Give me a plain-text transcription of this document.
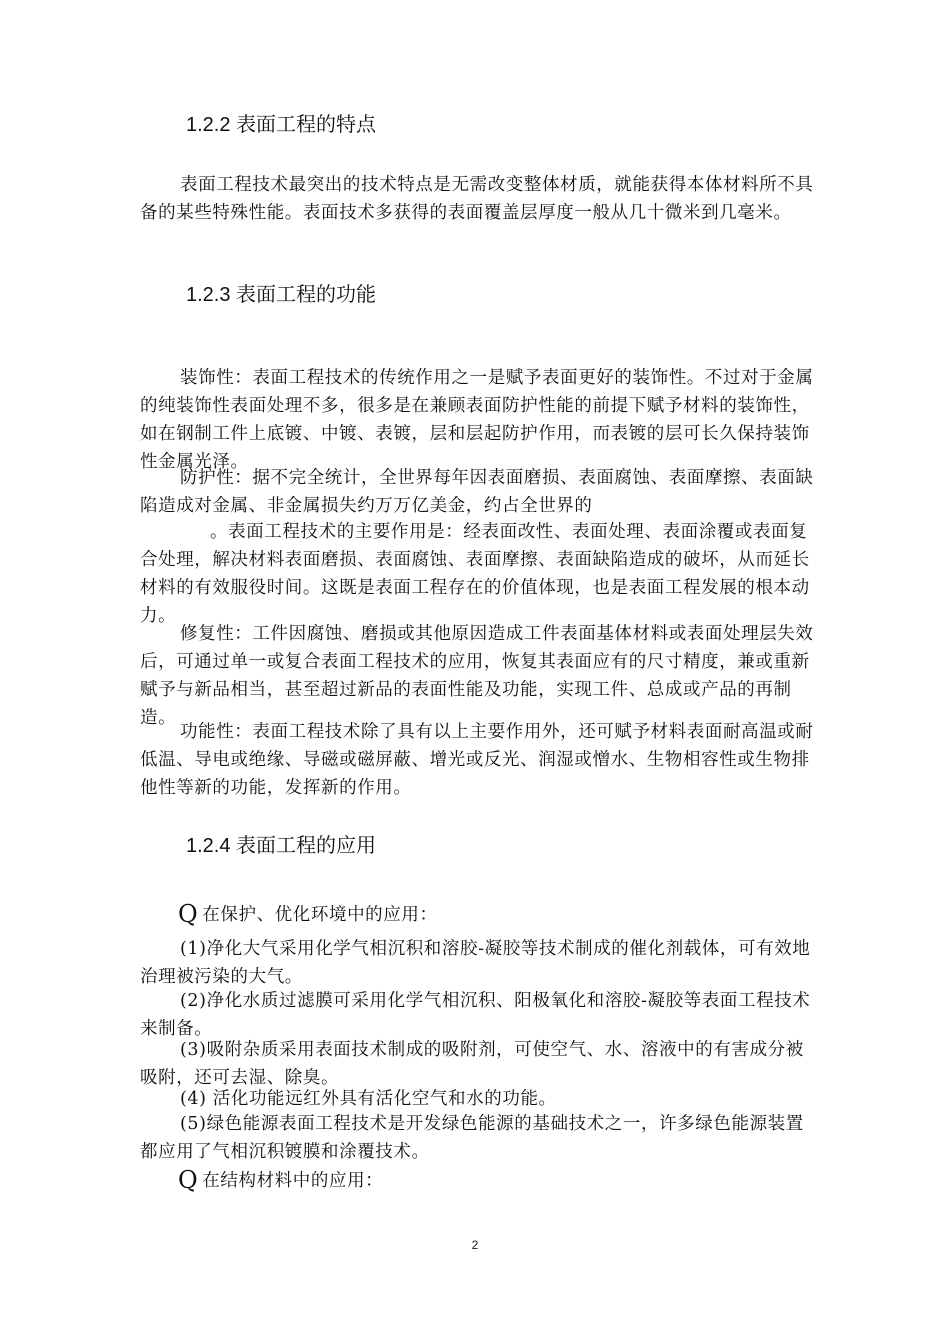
1.2.2 表面工程的特点

表面工程技术最突出的技术特点是无需改变整体材质，就能获得本体材料所不具备的某些特殊性能。表面技术多获得的表面覆盖层厚度一般从几十微米到几毫米。

1.2.3 表面工程的功能

装饰性：表面工程技术的传统作用之一是赋予表面更好的装饰性。不过对于金属的纯装饰性表面处理不多，很多是在兼顾表面防护性能的前提下赋予材料的装饰性，如在钢制工件上底镀、中镀、表镀，层和层起防护作用，而表镀的层可长久保持装饰性金属光泽。

防护性：据不完全统计，全世界每年因表面磨损、表面腐蚀、表面摩擦、表面缺陷造成对金属、非金属损失约万万亿美金，约占全世界的

。表面工程技术的主要作用是：经表面改性、表面处理、表面涂覆或表面复合处理，解决材料表面磨损、表面腐蚀、表面摩擦、表面缺陷造成的破坏，从而延长材料的有效服役时间。这既是表面工程存在的价值体现，也是表面工程发展的根本动力。

修复性：工件因腐蚀、磨损或其他原因造成工件表面基体材料或表面处理层失效后，可通过单一或复合表面工程技术的应用，恢复其表面应有的尺寸精度，兼或重新赋予与新品相当，甚至超过新品的表面性能及功能，实现工件、总成或产品的再制造。

功能性：表面工程技术除了具有以上主要作用外，还可赋予材料表面耐高温或耐低温、导电或绝缘、导磁或磁屏蔽、增光或反光、润湿或憎水、生物相容性或生物排他性等新的功能，发挥新的作用。

1.2.4 表面工程的应用
Q 在保护、优化环境中的应用：

(1)净化大气采用化学气相沉积和溶胶-凝胶等技术制成的催化剂载体，可有效地治理被污染的大气。

(2)净化水质过滤膜可采用化学气相沉积、阳极氧化和溶胶-凝胶等表面工程技术来制备。

(3)吸附杂质采用表面技术制成的吸附剂，可使空气、水、溶液中的有害成分被吸附，还可去湿、除臭。

(4) 活化功能远红外具有活化空气和水的功能。

(5)绿色能源表面工程技术是开发绿色能源的基础技术之一，许多绿色能源装置都应用了气相沉积镀膜和涂覆技术。

Q 在结构材料中的应用：
2
